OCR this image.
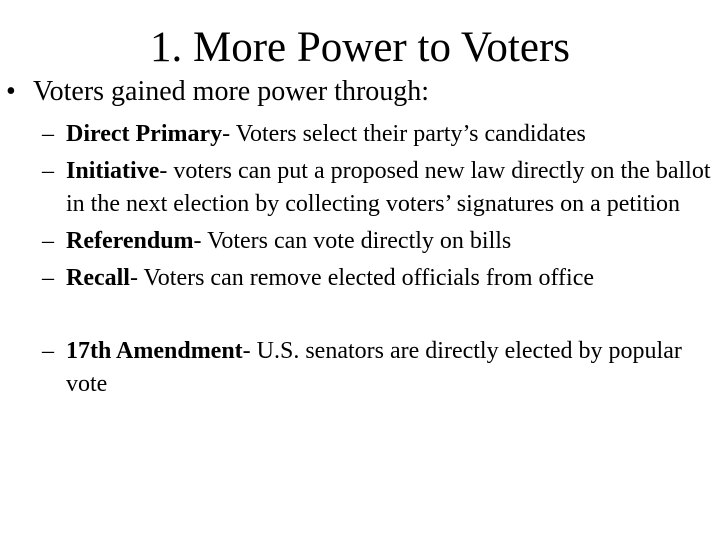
1. More Power to Voters
• Voters gained more power through:
– Direct Primary- Voters select their party’s candidates
– Initiative- voters can put a proposed new law directly on the ballot in the next election by collecting voters’ signatures on a petition
– Referendum- Voters can vote directly on bills
– Recall- Voters can remove elected officials from office
– 17th Amendment- U.S. senators are directly elected by popular vote
